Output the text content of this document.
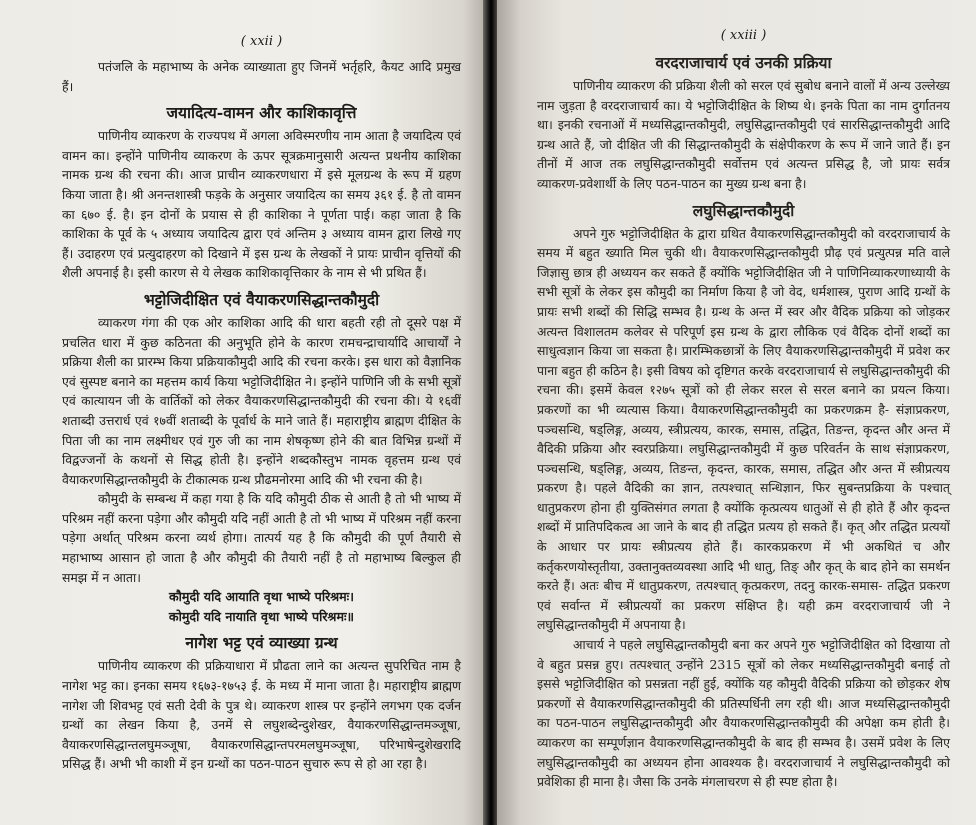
( xxii )

पतंजलि के महाभाष्य के अनेक व्याख्याता हुए जिनमें भर्तृहरि, कैयट आदि प्रमुख हैं।

जयादित्य-वामन और काशिकावृत्ति

पाणिनीय व्याकरण के राज्यपथ में अगला अविस्मरणीय नाम आता है जयादित्य एवं वामन का। इन्होंने पाणिनीय व्याकरण के ऊपर सूत्रक्रमानुसारी अत्यन्त प्रथनीय काशिका नामक ग्रन्थ की रचना की। आज प्राचीन व्याकरणधारा में इसे मूलग्रन्थ के रूप में ग्रहण किया जाता है। श्री अनन्तशास्त्री फड़के के अनुसार जयादित्य का समय ३६१ ई. है तो वामन का ६७० ई. है। इन दोनों के प्रयास से ही काशिका ने पूर्णता पाई। कहा जाता है कि काशिका के पूर्व के ५ अध्याय जयादित्य द्वारा एवं अन्तिम ३ अध्याय वामन द्वारा लिखे गए हैं। उदाहरण एवं प्रत्युदाहरण को दिखाने में इस ग्रन्थ के लेखकों ने प्रायः प्राचीन वृत्तियों की शैली अपनाई है। इसी कारण से ये लेखक काशिकावृत्तिकार के नाम से भी प्रथित हैं।

भट्टोजिदीक्षित एवं वैयाकरणसिद्धान्तकौमुदी

व्याकरण गंगा की एक ओर काशिका आदि की धारा बहती रही तो दूसरे पक्ष में प्रचलित धारा में कुछ कठिनता की अनुभूति होने के कारण रामचन्द्राचार्यादि आचार्यों ने प्रक्रिया शैली का प्रारम्भ किया प्रक्रियाकौमुदी आदि की रचना करके। इस धारा को वैज्ञानिक एवं सुस्पष्ट बनाने का महत्तम कार्य किया भट्टोजिदीक्षित ने। इन्होंने पाणिनि जी के सभी सूत्रों एवं कात्यायन जी के वार्तिकों को लेकर वैयाकरणसिद्धान्तकौमुदी की रचना की। ये १६वीं शताब्दी उत्तरार्ध एवं १७वीं शताब्दी के पूर्वार्ध के माने जाते हैं। महाराष्ट्रीय ब्राह्मण दीक्षित के पिता जी का नाम लक्ष्मीधर एवं गुरु जी का नाम शेषकृष्ण होने की बात विभिन्न ग्रन्थों में विद्वज्जनों के कथनों से सिद्ध होती है। इन्होंने शब्दकौस्तुभ नामक वृहत्तम ग्रन्थ एवं वैयाकरणसिद्धान्तकौमुदी के टीकात्मक ग्रन्थ प्रौढमनोरमा आदि की भी रचना की है।

कौमुदी के सम्बन्ध में कहा गया है कि यदि कौमुदी ठीक से आती है तो भी भाष्य में परिश्रम नहीं करना पड़ेगा और कौमुदी यदि नहीं आती है तो भी भाष्य में परिश्रम नहीं करना पड़ेगा अर्थात् परिश्रम करना व्यर्थ होगा। तात्पर्य यह है कि कौमुदी की पूर्ण तैयारी से महाभाष्य आसान हो जाता है और कौमुदी की तैयारी नहीं है तो महाभाष्य बिल्कुल ही समझ में न आता।

कौमुदी यदि आयाति वृथा भाष्ये परिश्रमः।
कोमुदी यदि नायाति वृथा भाष्ये परिश्रमः॥
नागेश भट्ट एवं व्याख्या ग्रन्थ

पाणिनीय व्याकरण की प्रक्रियाधारा में प्रौढता लाने का अत्यन्त सुपरिचित नाम है नागेश भट्ट का। इनका समय १६७३-१७५३ ई. के मध्य में माना जाता है। महाराष्ट्रीय ब्राह्मण नागेश जी शिवभट्ट एवं सती देवी के पुत्र थे। व्याकरण शास्त्र पर इन्होंने लगभग एक दर्जन ग्रन्थों का लेखन किया है, उनमें से लघुशब्देन्दुशेखर, वैयाकरणसिद्धान्तमञ्जूषा, वैयाकरणसिद्धान्तलघुमञ्जूषा, वैयाकरणसिद्धान्तपरमलघुमञ्जूषा, परिभाषेन्दुशेखरादि प्रसिद्ध हैं। अभी भी काशी में इन ग्रन्थों का पठन-पाठन सुचारु रूप से हो आ रहा है।

( xxiii )
वरदराजाचार्य एवं उनकी प्रक्रिया

पाणिनीय व्याकरण की प्रक्रिया शैली को सरल एवं सुबोध बनाने वालों में अन्य उल्लेख्य नाम जुड़ता है वरदराजाचार्य का। ये भट्टोजिदीक्षित के शिष्य थे। इनके पिता का नाम दुर्गातनय था। इनकी रचनाओं में मध्यसिद्धान्तकौमुदी, लघुसिद्धान्तकौमुदी एवं सारसिद्धान्तकौमुदी आदि ग्रन्थ आते हैं, जो दीक्षित जी की सिद्धान्तकौमुदी के संक्षेपीकरण के रूप में जाने जाते हैं। इन तीनों में आज तक लघुसिद्धान्तकौमुदी सर्वोत्तम एवं अत्यन्त प्रसिद्ध है, जो प्रायः सर्वत्र व्याकरण-प्रवेशार्थी के लिए पठन-पाठन का मुख्य ग्रन्थ बना है।

लघुसिद्धान्तकौमुदी

अपने गुरु भट्टोजिदीक्षित के द्वारा ग्रथित वैयाकरणसिद्धान्तकौमुदी को वरदराजाचार्य के समय में बहुत ख्याति मिल चुकी थी। वैयाकरणसिद्धान्तकौमुदी प्रौढ़ एवं प्रत्युत्पन्न मति वाले जिज्ञासु छात्र ही अध्ययन कर सकते हैं क्योंकि भट्टोजिदीक्षित जी ने पाणिनिव्याकरणाध्यायी के सभी सूत्रों के लेकर इस कौमुदी का निर्माण किया है जो वेद, धर्मशास्त्र, पुराण आदि ग्रन्थों के प्रायः सभी शब्दों की सिद्धि सम्भव है। ग्रन्थ के अन्त में स्वर और वैदिक प्रक्रिया को जोड़कर अत्यन्त विशालतम कलेवर से परिपूर्ण इस ग्रन्थ के द्वारा लौकिक एवं वैदिक दोनों शब्दों का साधुत्वज्ञान किया जा सकता है। प्रारम्भिकछात्रों के लिए वैयाकरणसिद्धान्तकौमुदी में प्रवेश कर पाना बहुत ही कठिन है। इसी विषय को दृष्टिगत करके वरदराजाचार्य से लघुसिद्धान्तकौमुदी की रचना की। इसमें केवल १२७५ सूत्रों को ही लेकर सरल से सरल बनाने का प्रयत्न किया। प्रकरणों का भी व्यत्यास किया। वैयाकरणसिद्धान्तकौमुदी का प्रकरणक्रम है- संज्ञाप्रकरण, पञ्चसन्धि, षड्लिङ्ग, अव्यय, स्त्रीप्रत्यय, कारक, समास, तद्धित, तिङन्त, कृदन्त और अन्त में वैदिकी प्रक्रिया और स्वरप्रक्रिया। लघुसिद्धान्तकौमुदी में कुछ परिवर्तन के साथ संज्ञाप्रकरण, पञ्चसन्धि, षड्लिङ्ग, अव्यय, तिङन्त, कृदन्त, कारक, समास, तद्धित और अन्त में स्त्रीप्रत्यय प्रकरण है। पहले वैदिकी का ज्ञान, तत्पश्चात् सन्धिज्ञान, फिर सुबन्तप्रक्रिया के पश्चात् धातुप्रकरण होना ही युक्तिसंगत लगता है क्योंकि कृत्प्रत्यय धातुओं से ही होते हैं और कृदन्त शब्दों में प्रातिपदिकत्व आ जाने के बाद ही तद्धित प्रत्यय हो सकते हैं। कृत् और तद्धित प्रत्ययों के आधार पर प्रायः स्त्रीप्रत्यय होते हैं। कारकप्रकरण में भी अकथितं च और कर्तृकरणयोस्तृतीया, उक्तानुक्तव्यवस्था आदि भी धातु, तिङ् और कृत् के बाद होने का समर्थन करते हैं। अतः बीच में धातुप्रकरण, तत्पश्चात् कृत्प्रकरण, तदनु कारक-समास- तद्धित प्रकरण एवं सर्वान्त में स्त्रीप्रत्ययों का प्रकरण संक्षिप्त है। यही क्रम वरदराजाचार्य जी ने लघुसिद्धान्तकौमुदी में अपनाया है।

आचार्य ने पहले लघुसिद्धान्तकौमुदी बना कर अपने गुरु भट्टोजिदीक्षित को दिखाया तो वे बहुत प्रसन्न हुए। तत्पश्चात् उन्होंने 2315 सूत्रों को लेकर मध्यसिद्धान्तकौमुदी बनाई तो इससे भट्टोजिदीक्षित को प्रसन्नता नहीं हुई, क्योंकि यह कौमुदी वैदिकी प्रक्रिया को छोड़कर शेष प्रकरणों से वैयाकरणसिद्धान्तकौमुदी की प्रतिस्पर्धिनी लग रही थी। आज मध्यसिद्धान्तकौमुदी का पठन-पाठन लघुसिद्धान्तकौमुदी और वैयाकरणसिद्धान्तकौमुदी की अपेक्षा कम होती है। व्याकरण का सम्पूर्णज्ञान वैयाकरणसिद्धान्तकौमुदी के बाद ही सम्भव है। उसमें प्रवेश के लिए लघुसिद्धान्तकौमुदी का अध्ययन होना आवश्यक है। वरदराजाचार्य ने लघुसिद्धान्तकौमुदी को प्रवेशिका ही माना है। जैसा कि उनके मंगलाचरण से ही स्पष्ट होता है।
